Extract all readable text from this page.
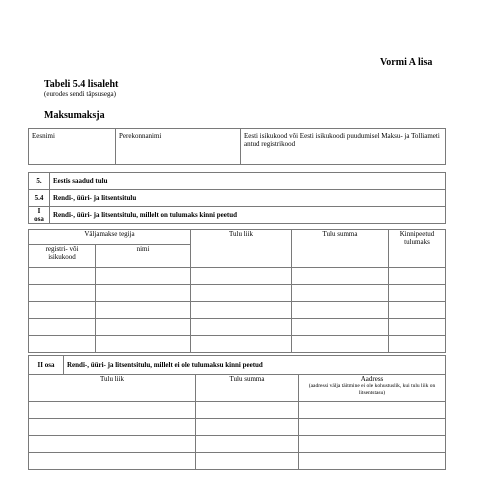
Vormi A lisa
Tabeli 5.4 lisaleht
(eurodes sendi täpsusega)
Maksumaksja
Eesnimi	Perekonnanimi	Eesti isikukood või Eesti isikukoodi puudumisel Maksu- ja Tolliameti antud registrikood
5.	Eestis saadud tulu
5.4	Rendi-, üüri- ja litsentsitulu
I osa	Rendi-, üüri- ja litsentsitulu, millelt on tulumaks kinni peetud
Väljamakse tegija		Tulu liik	Tulu summa	Kinnipeetud tulumaks
registri- või isikukood	nimi			

II osa	Rendi-, üüri- ja litsentsitulu, millelt ei ole tulumaksu kinni peetud
Tulu liik	Tulu summa	Aadress
(aadressi välja täitmine ei ole kohustuslik, kui tulu liik on litsentstasu)
